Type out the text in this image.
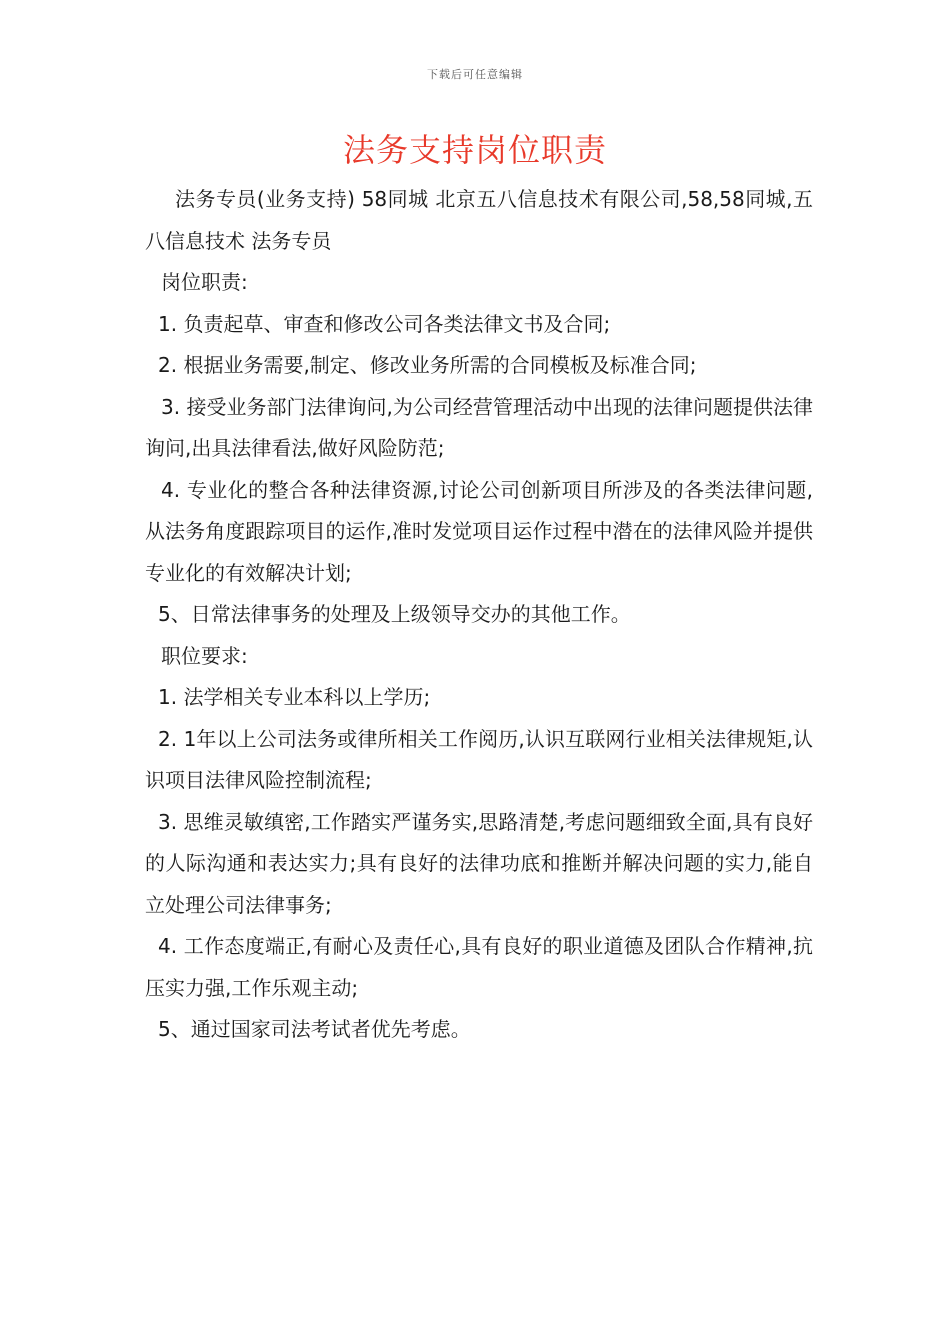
下载后可任意编辑
法务支持岗位职责

法务专员(业务支持) 58同城 北京五八信息技术有限公司,58,58同城,五八信息技术 法务专员

岗位职责:

1. 负责起草、审查和修改公司各类法律文书及合同;

2. 根据业务需要,制定、修改业务所需的合同模板及标准合同;

3. 接受业务部门法律询问,为公司经营管理活动中出现的法律问题提供法律询问,出具法律看法,做好风险防范;

4. 专业化的整合各种法律资源,讨论公司创新项目所涉及的各类法律问题,从法务角度跟踪项目的运作,准时发觉项目运作过程中潜在的法律风险并提供专业化的有效解决计划;

5、日常法律事务的处理及上级领导交办的其他工作。

职位要求:

1. 法学相关专业本科以上学历;

2. 1年以上公司法务或律所相关工作阅历,认识互联网行业相关法律规矩,认识项目法律风险控制流程;

3. 思维灵敏缜密,工作踏实严谨务实,思路清楚,考虑问题细致全面,具有良好的人际沟通和表达实力;具有良好的法律功底和推断并解决问题的实力,能自立处理公司法律事务;

4. 工作态度端正,有耐心及责任心,具有良好的职业道德及团队合作精神,抗压实力强,工作乐观主动;

5、通过国家司法考试者优先考虑。
